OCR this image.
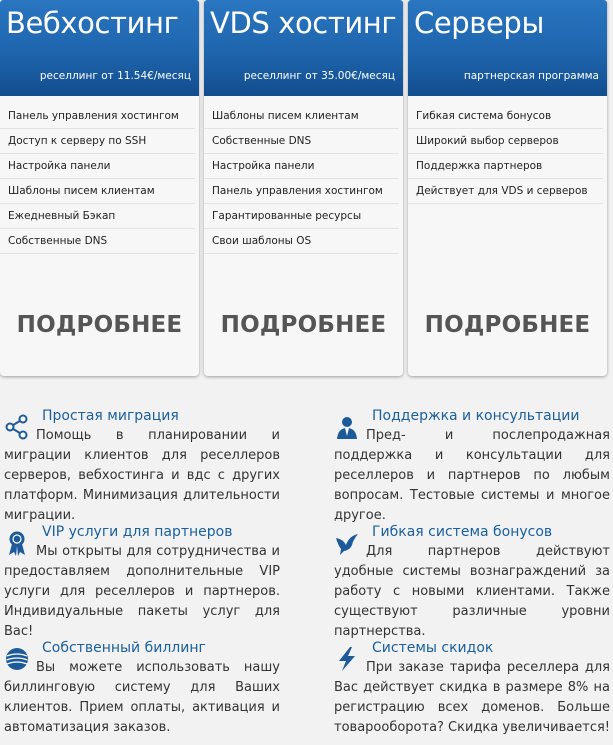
Вебхостинг
реселлинг от 11.54€/месяц
Панель управления хостингом
Доступ к серверу по SSH
Настройка панели
Шаблоны писем клиентам
Ежедневный Бэкап
Собственные DNS
ПОДРОБНЕЕ
VDS хостинг
реселлинг от 35.00€/месяц
Шаблоны писем клиентам
Собственные DNS
Настройка панели
Панель управления хостингом
Гарантированные ресурсы
Свои шаблоны OS
ПОДРОБНЕЕ
Серверы
партнерская программа
Гибкая система бонусов
Широкий выбор серверов
Поддержка партнеров
Действует для VDS и серверов
ПОДРОБНЕЕ
Простая миграция
Помощь в планировании и миграции клиентов для реселлеров серверов, вебхостинга и вдс с других платформ. Минимизация длительности миграции.
Поддержка и консультации
Пред- и послепродажная поддержка и консультации для реселлеров и партнеров по любым вопросам. Тестовые системы и многое другое.
VIP услуги для партнеров
Мы открыты для сотрудничества и предоставляем дополнительные VIP услуги для реселлеров и партнеров. Индивидуальные пакеты услуг для Вас!
Гибкая система бонусов
Для партнеров действуют удобные системы вознаграждений за работу с новыми клиентами. Также существуют различные уровни партнерства.
Собственный биллинг
Вы можете использовать нашу биллинговую систему для Ваших клиентов. Прием оплаты, активация и автоматизация заказов.
Системы скидок
При заказе тарифа реселлера для Вас действует скидка в размере 8% на регистрацию всех доменов. Больше товарооборота? Скидка увеличивается!
